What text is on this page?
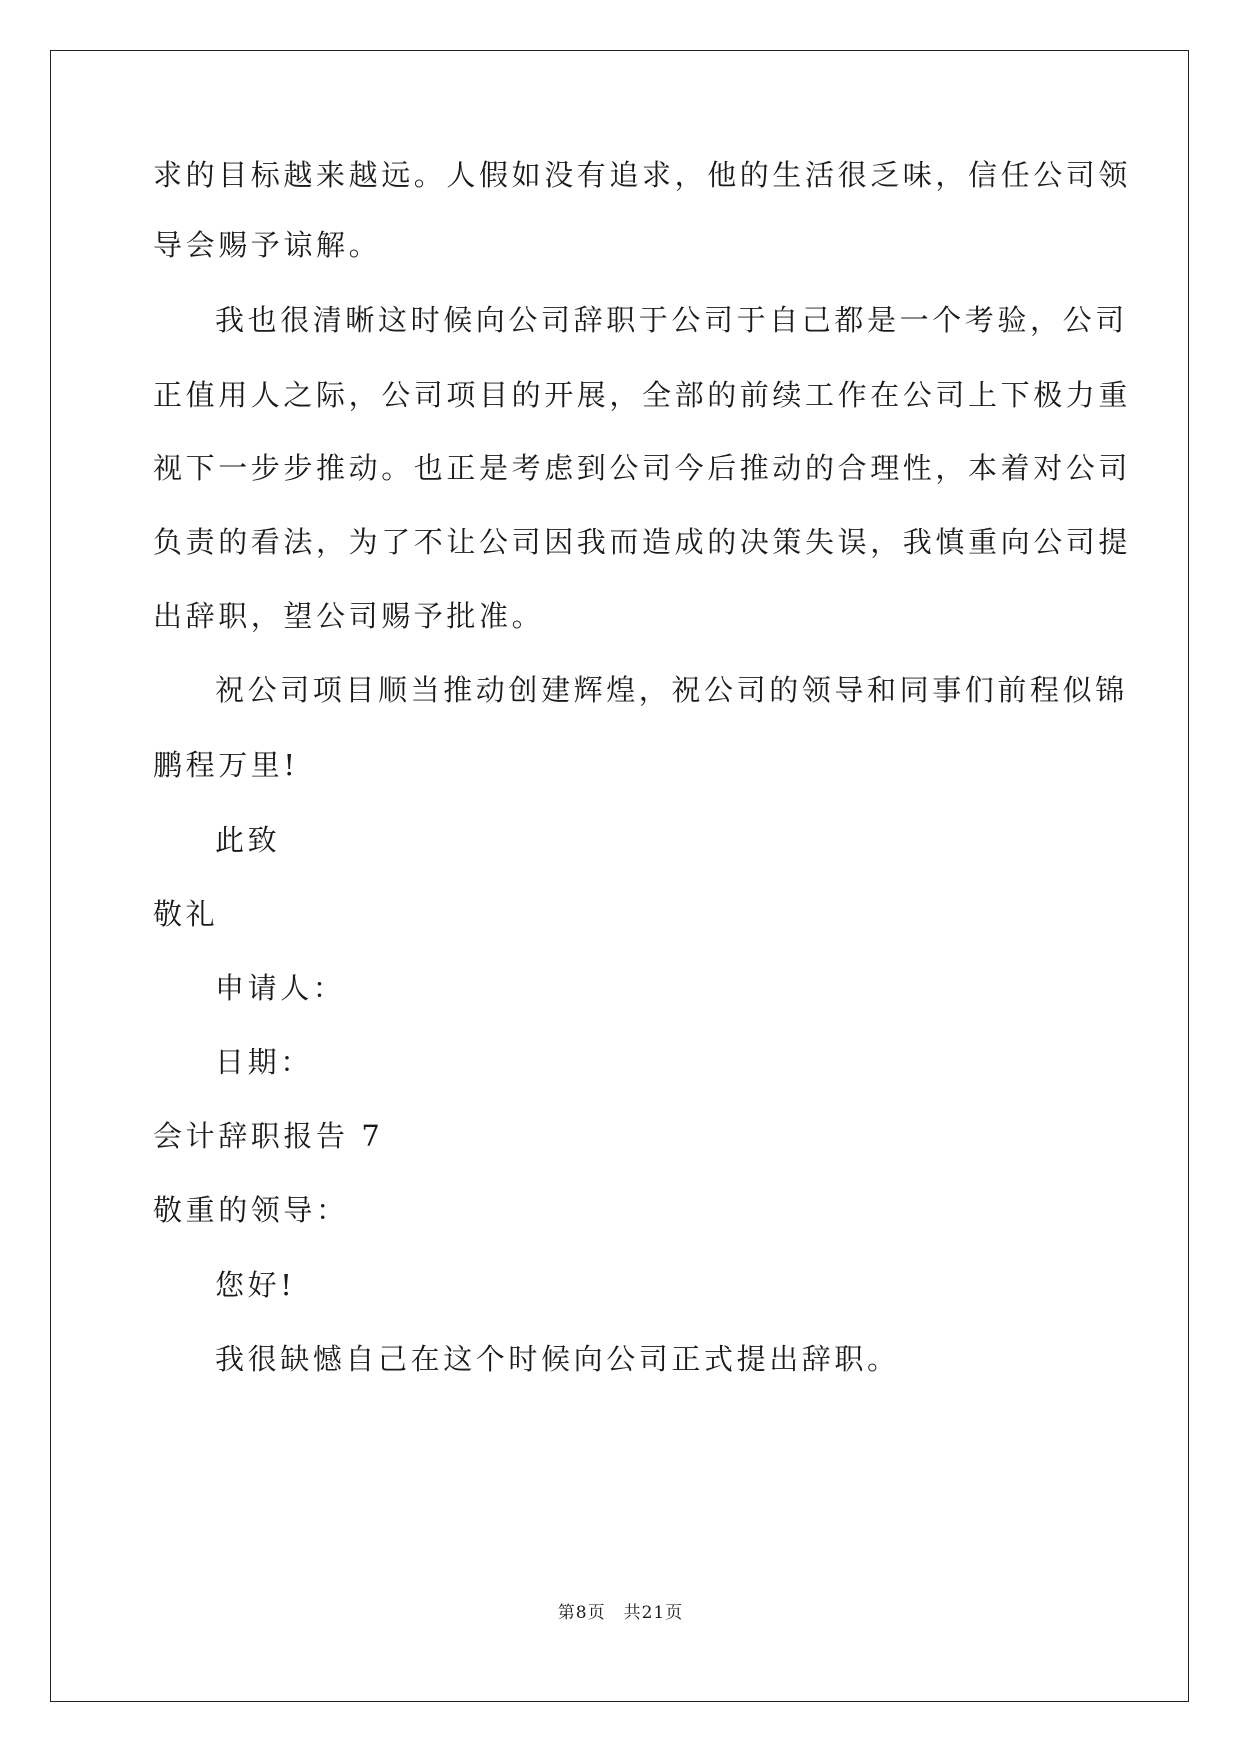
求的目标越来越远。人假如没有追求，他的生活很乏味，信任公司领
导会赐予谅解。
我也很清晰这时候向公司辞职于公司于自己都是一个考验，公司
正值用人之际，公司项目的开展，全部的前续工作在公司上下极力重
视下一步步推动。也正是考虑到公司今后推动的合理性，本着对公司
负责的看法，为了不让公司因我而造成的决策失误，我慎重向公司提
出辞职，望公司赐予批准。
祝公司项目顺当推动创建辉煌，祝公司的领导和同事们前程似锦
鹏程万里!
此致
敬礼
申请人：
日期：
会计辞职报告 7
敬重的领导：
您好!
我很缺憾自己在这个时候向公司正式提出辞职。
第8页　共21页
